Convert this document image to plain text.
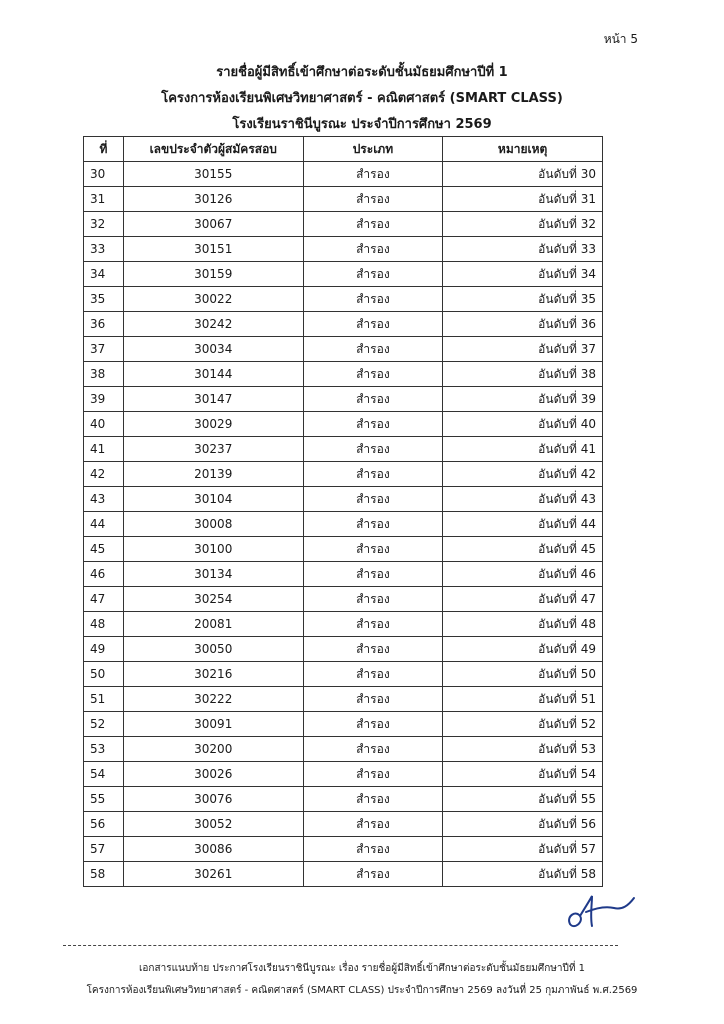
หน้า 5
รายชื่อผู้มีสิทธิ์เข้าศึกษาต่อระดับชั้นมัธยมศึกษาปีที่ 1
โครงการห้องเรียนพิเศษวิทยาศาสตร์ - คณิตศาสตร์ (SMART CLASS)
โรงเรียนราชินีบูรณะ ประจำปีการศึกษา 2569
ที่	เลขประจำตัวผู้สมัครสอบ	ประเภท	หมายเหตุ
30	30155	สำรอง	อันดับที่ 30
31	30126	สำรอง	อันดับที่ 31
32	30067	สำรอง	อันดับที่ 32
33	30151	สำรอง	อันดับที่ 33
34	30159	สำรอง	อันดับที่ 34
35	30022	สำรอง	อันดับที่ 35
36	30242	สำรอง	อันดับที่ 36
37	30034	สำรอง	อันดับที่ 37
38	30144	สำรอง	อันดับที่ 38
39	30147	สำรอง	อันดับที่ 39
40	30029	สำรอง	อันดับที่ 40
41	30237	สำรอง	อันดับที่ 41
42	20139	สำรอง	อันดับที่ 42
43	30104	สำรอง	อันดับที่ 43
44	30008	สำรอง	อันดับที่ 44
45	30100	สำรอง	อันดับที่ 45
46	30134	สำรอง	อันดับที่ 46
47	30254	สำรอง	อันดับที่ 47
48	20081	สำรอง	อันดับที่ 48
49	30050	สำรอง	อันดับที่ 49
50	30216	สำรอง	อันดับที่ 50
51	30222	สำรอง	อันดับที่ 51
52	30091	สำรอง	อันดับที่ 52
53	30200	สำรอง	อันดับที่ 53
54	30026	สำรอง	อันดับที่ 54
55	30076	สำรอง	อันดับที่ 55
56	30052	สำรอง	อันดับที่ 56
57	30086	สำรอง	อันดับที่ 57
58	30261	สำรอง	อันดับที่ 58
เอกสารแนบท้าย ประกาศโรงเรียนราชินีบูรณะ เรื่อง รายชื่อผู้มีสิทธิ์เข้าศึกษาต่อระดับชั้นมัธยมศึกษาปีที่ 1
โครงการห้องเรียนพิเศษวิทยาศาสตร์ - คณิตศาสตร์ (SMART CLASS) ประจำปีการศึกษา 2569 ลงวันที่ 25 กุมภาพันธ์ พ.ศ.2569
